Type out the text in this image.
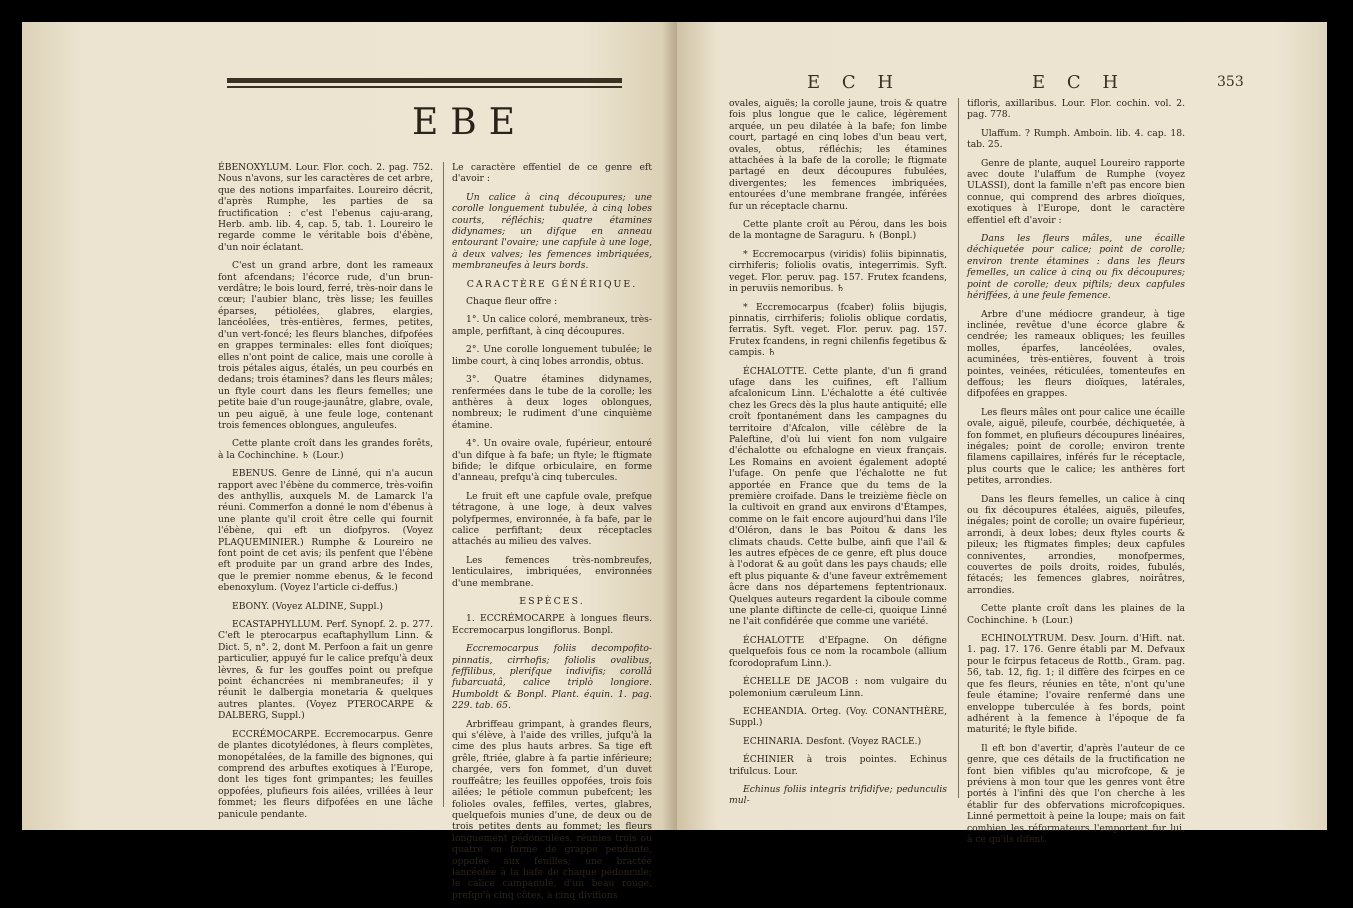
EBE

ÉBENOXYLUM. Lour. Flor. coch. 2. pag. 752. Nous n'avons, sur les caractères de cet arbre, que des notions imparfaites. Loureiro décrit, d'après Rumphe, les parties de sa fructification : c'est l'ebenus caju-arang, Herb. amb. lib. 4, cap. 5, tab. 1. Loureiro le regarde comme le véritable bois d'ébène, d'un noir éclatant.

C'est un grand arbre, dont les rameaux font afcendans; l'écorce rude, d'un brun-verdâtre; le bois lourd, ferré, très-noir dans le cœur; l'aubier blanc, très lisse; les feuilles éparses, pétiolées, glabres, elargies, lancéolées, très-entières, fermes, petites, d'un vert-foncé; les fleurs blanches, difpofées en grappes terminales: elles font dioïques; elles n'ont point de calice, mais une corolle à trois pétales aigus, étalés, un peu courbés en dedans; trois étamines? dans les fleurs mâles; un ftyle court dans les fleurs femelles; une petite baie d'un rouge-jaunâtre, glabre, ovale, un peu aiguë, à une feule loge, contenant trois femences oblongues, anguleufes.

Cette plante croît dans les grandes forêts, à la Cochinchine. ♄ (Lour.)

EBENUS. Genre de Linné, qui n'a aucun rapport avec l'ébène du commerce, très-voifin des anthyllis, auxquels M. de Lamarck l'a réuni. Commerfon a donné le nom d'ébenus à une plante qu'il croit être celle qui fournit l'ébène, qui eft un diofpyros. (Voyez PLAQUEMINIER.) Rumphe & Loureiro ne font point de cet avis; ils penfent que l'ébène eft produite par un grand arbre des Indes, que le premier nomme ebenus, & le fecond ebenoxylum. (Voyez l'article ci-deffus.)

EBONY. (Voyez ALDINE, Suppl.)

ECASTAPHYLLUM. Perf. Synopf. 2. p. 277. C'eft le pterocarpus ecaftaphyllum Linn. & Dict. 5, n°. 2, dont M. Perfoon a fait un genre particulier, appuyé fur le calice prefqu'à deux lèvres, & fur les gouffes point ou prefque point échancrées ni membraneufes; il y réunit le dalbergia monetaria & quelques autres plantes. (Voyez PTEROCARPE & DALBERG, Suppl.)

ECCRÉMOCARPE. Eccremocarpus. Genre de plantes dicotylédones, à fleurs complètes, monopétalées, de la famille des bignones, qui comprend des arbuftes exotiques à l'Europe, dont les tiges font grimpantes; les feuilles oppofées, plufieurs fois ailées, vrillées à leur fommet; les fleurs difpofées en une lâche panicule pendante.

Le caractère effentiel de ce genre eft d'avoir :

Un calice à cinq découpures; une corolle longuement tubulée, à cinq lobes courts, réfléchis; quatre étamines didynames; un difque en anneau entourant l'ovaire; une capfule à une loge, à deux valves; les femences imbriquées, membraneufes à leurs bords.

CARACTÈRE GÉNÉRIQUE.

Chaque fleur offre :

1°. Un calice coloré, membraneux, très-ample, perfiftant, à cinq découpures.

2°. Une corolle longuement tubulée; le limbe court, à cinq lobes arrondis, obtus.

3°. Quatre étamines didynames, renfermées dans le tube de la corolle; les anthères à deux loges oblongues, nombreux; le rudiment d'une cinquième étamine.

4°. Un ovaire ovale, fupérieur, entouré d'un difque à fa bafe; un ftyle; le ftigmate bifide; le difque orbiculaire, en forme d'anneau, prefqu'à cinq tubercules.

Le fruit eft une capfule ovale, prefque tétragone, à une loge, à deux valves polyfpermes, environnée, à fa bafe, par le calice perfiftant; deux réceptacles attachés au milieu des valves.

Les femences très-nombreufes, lenticulaires, imbriquées, environnées d'une membrane.

ESPÈCES.

1. ECCRÉMOCARPE à longues fleurs. Eccremocarpus longiflorus. Bonpl.

Eccremocarpus foliis decompofito-pinnatis, cirrhofis; foliolis ovalibus, feffilibus, plerifque indivifis; corollâ fubarcuatâ, calice triplò longiore. Humboldt & Bonpl. Plant. équin. 1. pag. 229. tab. 65.

Arbriffeau grimpant, à grandes fleurs, qui s'élève, à l'aide des vrilles, jufqu'à la cime des plus hauts arbres. Sa tige eft grêle, ftriée, glabre à fa partie inférieure; chargée, vers fon fommet, d'un duvet rouffeâtre; les feuilles oppofées, trois fois ailées; le pétiole commun pubefcent; les folioles ovales, feffiles, vertes, glabres, quelquefois munies d'une, de deux ou de trois petites dents au fommet; les fleurs longuement pédonculées, réunies trois ou quatre en forme de grappe pendante, oppofée aux feuilles; une bractée lancéolée à la bafe de chaque pédoncule; le calice campanulé, d'un beau rouge, prefqu'à cinq côtes, à cinq divifions

E C H	E C H	353

ovales, aiguës; la corolle jaune, trois & quatre fois plus longue que le calice, légèrement arquée, un peu dilatée à la bafe; fon limbe court, partagé en cinq lobes d'un beau vert, ovales, obtus, réfléchis; les étamines attachées à la bafe de la corolle; le ftigmate partagé en deux découpures fubulées, divergentes; les femences imbriquées, entourées d'une membrane frangée, inférées fur un réceptacle charnu.

Cette plante croît au Pérou, dans les bois de la montagne de Saraguru. ♄ (Bonpl.)

* Eccremocarpus (viridis) foliis bipinnatis, cirrhiferis; foliolis ovatis, integerrimis. Syft. veget. Flor. peruv. pag. 157. Frutex fcandens, in peruviis nemoribus. ♄

* Eccremocarpus (fcaber) foliis bijugis, pinnatis, cirrhiferis; foliolis oblique cordatis, ferratis. Syft. veget. Flor. peruv. pag. 157. Frutex fcandens, in regni chilenfis fegetibus & campis. ♄

ÉCHALOTTE. Cette plante, d'un fi grand ufage dans les cuifines, eft l'allium afcalonicum Linn. L'échalotte a été cultivée chez les Grecs dès la plus haute antiquité; elle croît fpontanément dans les campagnes du territoire d'Afcalon, ville célèbre de la Paleftine, d'où lui vient fon nom vulgaire d'échalotte ou efchalogne en vieux français. Les Romains en avoient également adopté l'ufage. On penfe que l'échalotte ne fut apportée en France que du tems de la première croifade. Dans le treizième fiècle on la cultivoit en grand aux environs d'Étampes, comme on le fait encore aujourd'hui dans l'île d'Oléron, dans le bas Poitou & dans les climats chauds. Cette bulbe, ainfi que l'ail & les autres efpèces de ce genre, eft plus douce à l'odorat & au goût dans les pays chauds; elle eft plus piquante & d'une faveur extrêmement âcre dans nos départemens feptentrionaux. Quelques auteurs regardent la ciboule comme une plante diftincte de celle-ci, quoique Linné ne l'ait confidérée que comme une variété.

ÉCHALOTTE d'Efpagne. On défigne quelquefois fous ce nom la rocambole (allium fcorodoprafum Linn.).

ÉCHELLE DE JACOB : nom vulgaire du polemonium cæruleum Linn.

ECHEANDIA. Orteg. (Voy. CONANTHÈRE, Suppl.)

ECHINARIA. Desfont. (Voyez RACLE.)

ÉCHINIER à trois pointes. Echinus trifulcus. Lour.

Echinus foliis integris trifidifve; pedunculis mul-

tifloris, axillaribus. Lour. Flor. cochin. vol. 2. pag. 778.

Ulaffum. ? Rumph. Amboin. lib. 4. cap. 18. tab. 25.

Genre de plante, auquel Loureiro rapporte avec doute l'ulaffum de Rumphe (voyez ULASSI), dont la famille n'eft pas encore bien connue, qui comprend des arbres dioïques, exotiques à l'Europe, dont le caractère effentiel eft d'avoir :

Dans les fleurs mâles, une écaille déchiquetée pour calice; point de corolle; environ trente étamines : dans les fleurs femelles, un calice à cinq ou fix découpures; point de corolle; deux piftils; deux capfules hériffées, à une feule femence.

Arbre d'une médiocre grandeur, à tige inclinée, revêtue d'une écorce glabre & cendrée; les rameaux obliques; les feuilles molles, éparfes, lancéolées, ovales, acuminées, très-entières, fouvent à trois pointes, veinées, réticulées, tomenteufes en deffous; les fleurs dioïques, latérales, difpofées en grappes.

Les fleurs mâles ont pour calice une écaille ovale, aiguë, pileufe, courbée, déchiquetée, à fon fommet, en plufieurs découpures linéaires, inégales; point de corolle; environ trente filamens capillaires, inférés fur le réceptacle, plus courts que le calice; les anthères fort petites, arrondies.

Dans les fleurs femelles, un calice à cinq ou fix découpures étalées, aiguës, pileufes, inégales; point de corolle; un ovaire fupérieur, arrondi, à deux lobes; deux ftyles courts & pileux; les ftigmates fimples; deux capfules conniventes, arrondies, monofpermes, couvertes de poils droits, roides, fubulés, fétacés; les femences glabres, noirâtres, arrondies.

Cette plante croît dans les plaines de la Cochinchine. ♄ (Lour.)

ECHINOLYTRUM. Desv. Journ. d'Hift. nat. 1. pag. 17. 176. Genre établi par M. Defvaux pour le fcirpus fetaceus de Rottb., Gram. pag. 56, tab. 12, fig. 1; il diffère des fcirpes en ce que fes fleurs, réunies en tête, n'ont qu'une feule étamine; l'ovaire renfermé dans une enveloppe tuberculée à fes bords, point adhérent à la femence à l'époque de fa maturité; le ftyle bifide.

Il eft bon d'avertir, d'après l'auteur de ce genre, que ces détails de la fructification ne font bien vifibles qu'au microfcope, & je préviens à mon tour que les genres vont être portés à l'infini dès que l'on cherche à les établir fur des obfervations microfcopiques. Linné permettoit à peine la loupe; mais on fait combien les réformateurs l'emportent fur lui, à ce qu'ils difent.
